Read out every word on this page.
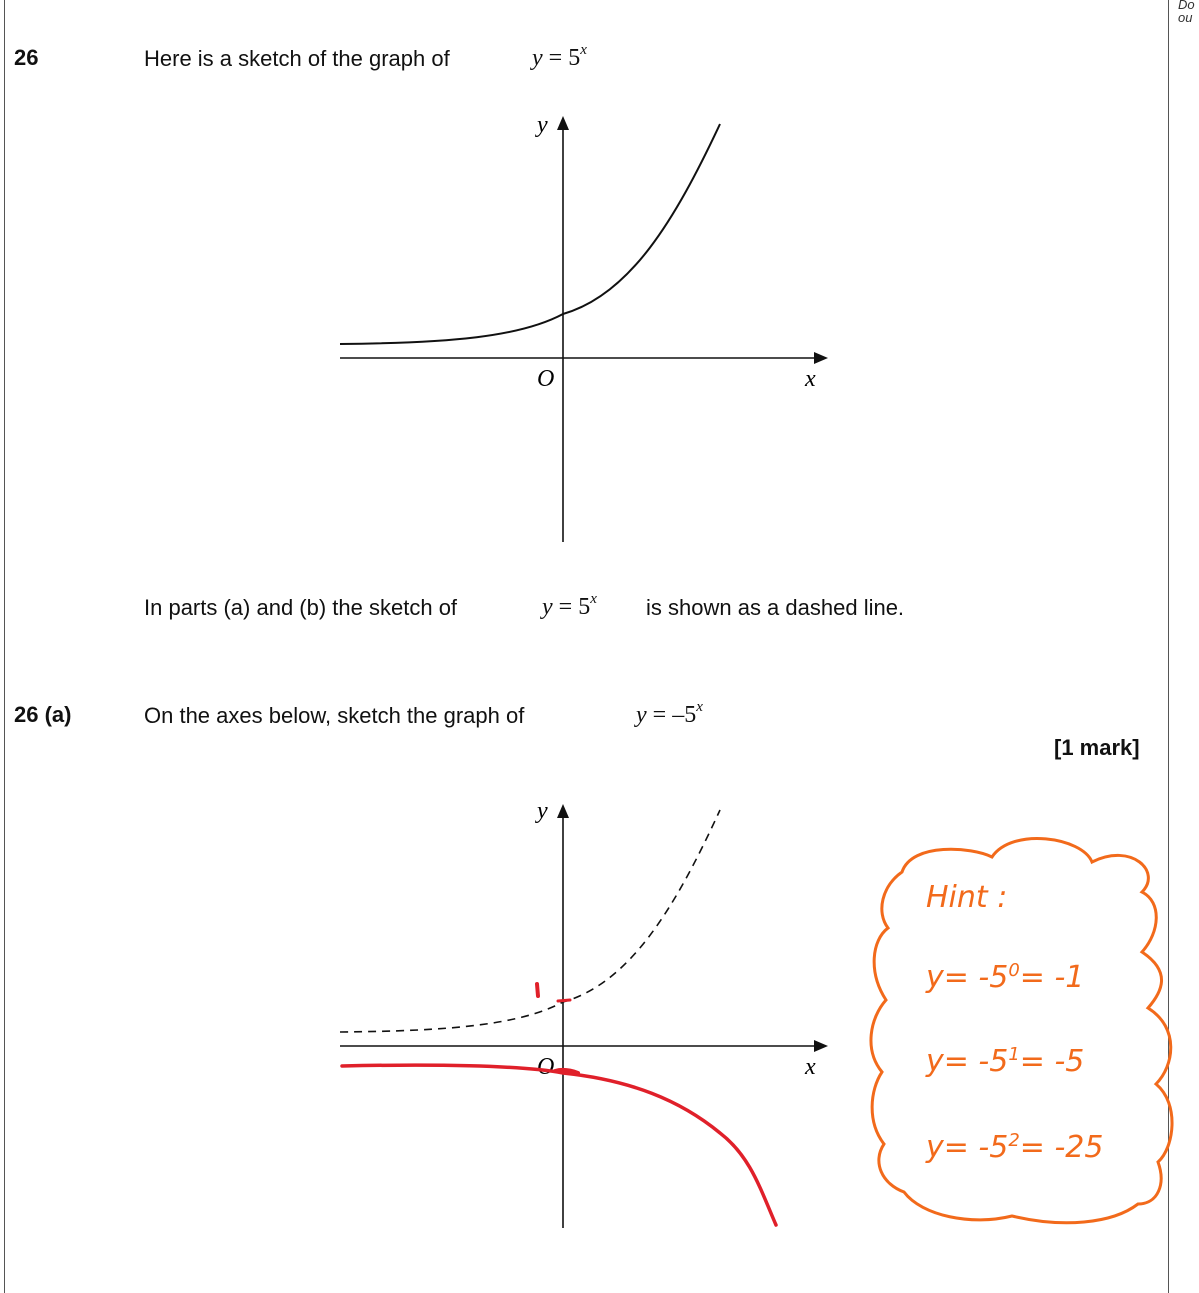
Do
ou
26	Here is a sketch of the graph of	$y = 5^x$
y
x
O
In parts (a) and (b) the sketch of	$y = 5^x$ is shown as a dashed line.
26 (a)	On the axes below, sketch the graph of	$y = -5^x$
[1 mark]
y
x
O
1
Hint :
$y= -5^0= -1$
$y= -5^1= -5$
$y= -5^2= -25$
